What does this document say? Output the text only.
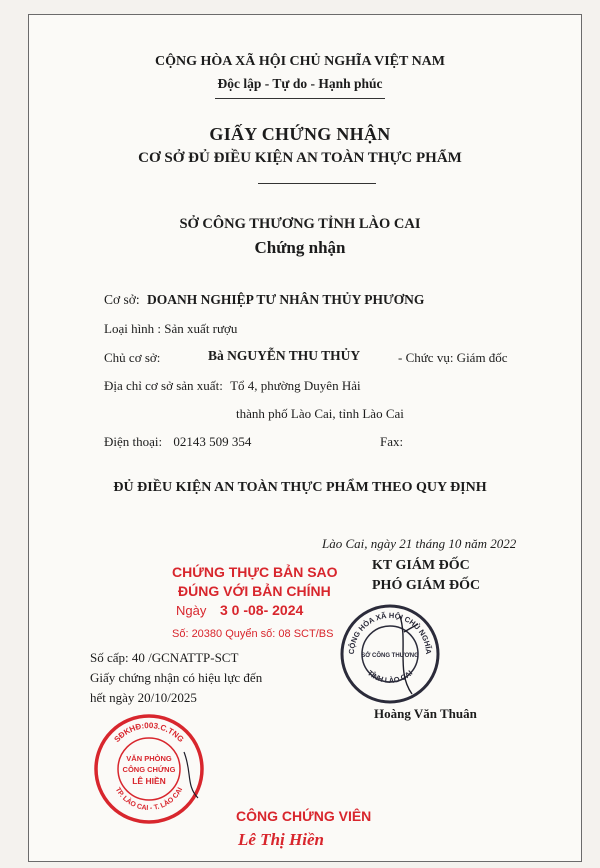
CỘNG HÒA XÃ HỘI CHỦ NGHĨA VIỆT NAM
Độc lập - Tự do - Hạnh phúc
GIẤY CHỨNG NHẬN
CƠ SỞ ĐỦ ĐIỀU KIỆN AN TOÀN THỰC PHẨM
SỞ CÔNG THƯƠNG TỈNH LÀO CAI
Chứng nhận
Cơ sở: DOANH NGHIỆP TƯ NHÂN THỦY PHƯƠNG
Loại hình : Sản xuất rượu
Chủ cơ sở:	Bà NGUYỄN THU THỦY	- Chức vụ: Giám đốc
Địa chỉ cơ sở sản xuất: Tổ 4, phường Duyên Hải
thành phố Lào Cai, tỉnh Lào Cai
Điện thoại: 02143 509 354	Fax:
ĐỦ ĐIỀU KIỆN AN TOÀN THỰC PHẨM THEO QUY ĐỊNH
Lào Cai, ngày 21 tháng 10 năm 2022
KT GIÁM ĐỐC
PHÓ GIÁM ĐỐC
CỘNG HÒA XÃ HỘI CHỦ NGHĨA
TỈNH LÀO CAI
SỞ CÔNG THƯƠNG
Hoàng Văn Thuân
CHỨNG THỰC BẢN SAO
ĐÚNG VỚI BẢN CHÍNH
Ngày 3 0 -08- 2024
Số: 20380 Quyển số: 08 SCT/BS
Số cấp: 40 /GCNATTP-SCT
Giấy chứng nhận có hiệu lực đến
hết ngày 20/10/2025
SĐKHĐ:003.C.TNG
TP. LÀO CAI - T. LÀO CAI
VĂN PHÒNG
CÔNG CHỨNG
LÊ HIỀN
CÔNG CHỨNG VIÊN
Lê Thị Hiền
